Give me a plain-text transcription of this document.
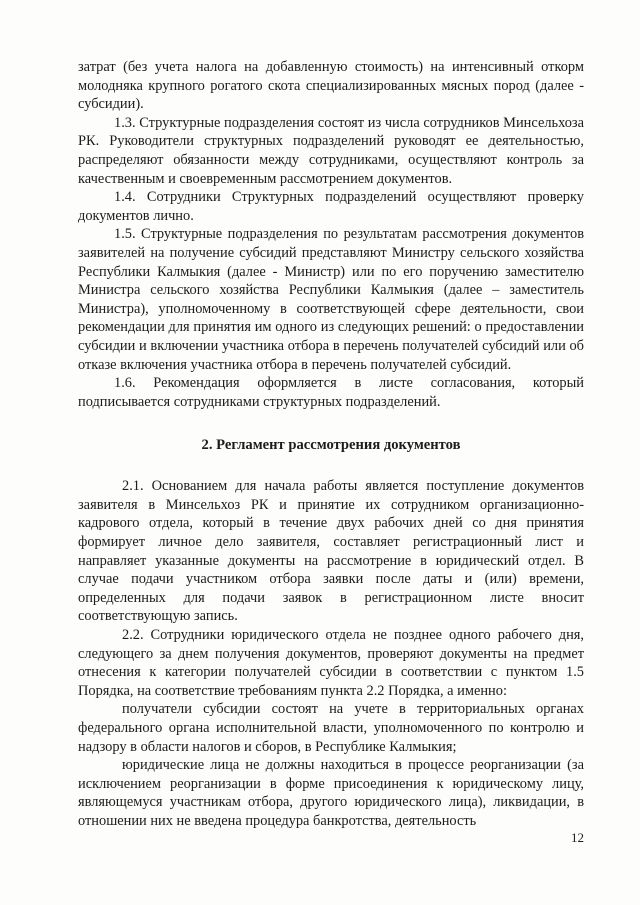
затрат (без учета налога на добавленную стоимость) на интенсивный откорм молодняка крупного рогатого скота специализированных мясных пород (далее - субсидии).

1.3. Структурные подразделения состоят из числа сотрудников Минсельхоза РК. Руководители структурных подразделений руководят ее деятельностью, распределяют обязанности между сотрудниками, осуществляют контроль за качественным и своевременным рассмотрением документов.

1.4. Сотрудники Структурных подразделений осуществляют проверку документов лично.

1.5. Структурные подразделения по результатам рассмотрения документов заявителей на получение субсидий представляют Министру сельского хозяйства Республики Калмыкия (далее - Министр) или по его поручению заместителю Министра сельского хозяйства Республики Калмыкия (далее – заместитель Министра), уполномоченному в соответствующей сфере деятельности, свои рекомендации для принятия им одного из следующих решений: о предоставлении субсидии и включении участника отбора в перечень получателей субсидий или об отказе включения участника отбора в перечень получателей субсидий.

1.6. Рекомендация оформляется в листе согласования, который подписывается сотрудниками структурных подразделений.

2. Регламент рассмотрения документов

2.1. Основанием для начала работы является поступление документов заявителя в Минсельхоз РК и принятие их сотрудником организационно-кадрового отдела, который в течение двух рабочих дней со дня принятия формирует личное дело заявителя, составляет регистрационный лист и направляет указанные документы на рассмотрение в юридический отдел. В случае подачи участником отбора заявки после даты и (или) времени, определенных для подачи заявок в регистрационном листе вносит соответствующую запись.

2.2. Сотрудники юридического отдела не позднее одного рабочего дня, следующего за днем получения документов, проверяют документы на предмет отнесения к категории получателей субсидии в соответствии с пунктом 1.5 Порядка, на соответствие требованиям пункта 2.2 Порядка, а именно:

получатели субсидии состоят на учете в территориальных органах федерального органа исполнительной власти, уполномоченного по контролю и надзору в области налогов и сборов, в Республике Калмыкия;

юридические лица не должны находиться в процессе реорганизации (за исключением реорганизации в форме присоединения к юридическому лицу, являющемуся участникам отбора, другого юридического лица), ликвидации, в отношении них не введена процедура банкротства, деятельность

12
